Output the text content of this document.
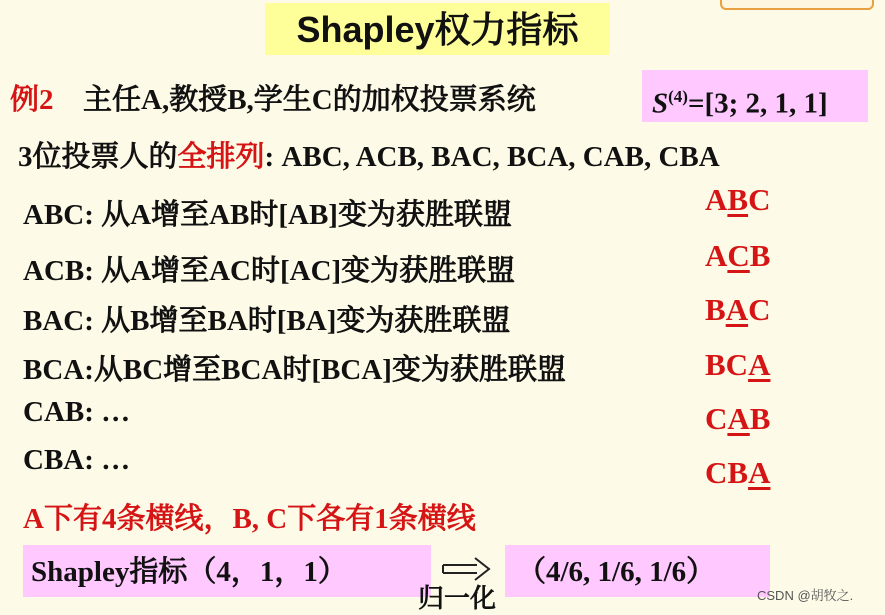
Shapley权力指标
例2 主任A,教授B,学生C的加权投票系统	$S^{(4)}=[3$; 2, 1, 1]
3位投票人的全排列: ABC, ACB, BAC, BCA, CAB, CBA
ABC: 从A增至AB时[AB]变为获胜联盟
ACB: 从A增至AC时[AC]变为获胜联盟
BAC: 从B增至BA时[BA]变为获胜联盟
BCA:从BC增至BCA时[BCA]变为获胜联盟
CAB: …
CBA: …
ABC
ACB
BAC
BCA
CAB
CBA
A下有4条横线，B, C下各有1条横线
Shapley指标（4，1，1）
归一化
（4/6, 1/6, 1/6）
CSDN @胡牧之.
